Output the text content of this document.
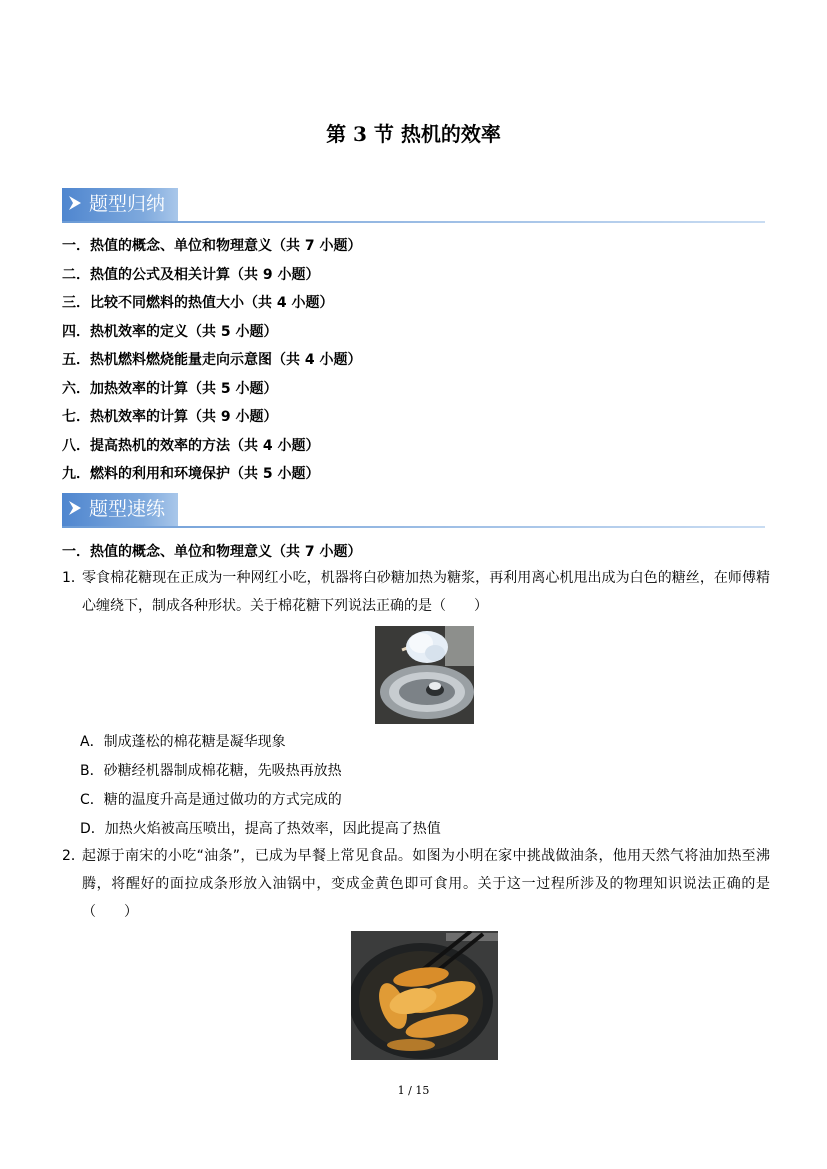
第 3 节 热机的效率
题型归纳
一．热值的概念、单位和物理意义（共 7 小题）
二．热值的公式及相关计算（共 9 小题）
三．比较不同燃料的热值大小（共 4 小题）
四．热机效率的定义（共 5 小题）
五．热机燃料燃烧能量走向示意图（共 4 小题）
六．加热效率的计算（共 5 小题）
七．热机效率的计算（共 9 小题）
八．提高热机的效率的方法（共 4 小题）
九．燃料的利用和环境保护（共 5 小题）
题型速练
一．热值的概念、单位和物理意义（共 7 小题）
1．
零食棉花糖现在正成为一种网红小吃，机器将白砂糖加热为糖浆，再利用离心机甩出成为白色的糖丝，在师傅精心缠绕下，制成各种形状。关于棉花糖下列说法正确的是（　　）
A．制成蓬松的棉花糖是凝华现象
B．砂糖经机器制成棉花糖，先吸热再放热
C．糖的温度升高是通过做功的方式完成的
D．加热火焰被高压喷出，提高了热效率，因此提高了热值
2．
起源于南宋的小吃“油条”，已成为早餐上常见食品。如图为小明在家中挑战做油条，他用天然气将油加热至沸腾，将醒好的面拉成条形放入油锅中，变成金黄色即可食用。关于这一过程所涉及的物理知识说法正确的是（　　）
1 / 15
